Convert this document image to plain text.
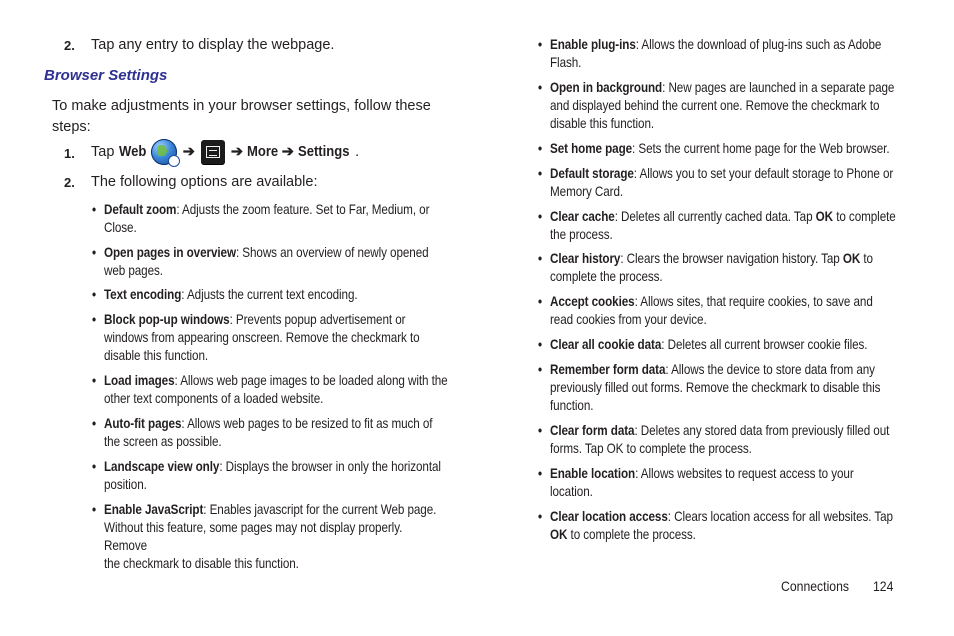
2. Tap any entry to display the webpage.
Browser Settings
To make adjustments in your browser settings, follow these
steps:
1. Tap Web ➔ ➔ More ➔ Settings .
2. The following options are available:
• Default zoom: Adjusts the zoom feature. Set to Far, Medium, or
Close.
• Open pages in overview: Shows an overview of newly opened
web pages.
• Text encoding: Adjusts the current text encoding.
• Block pop-up windows: Prevents popup advertisement or
windows from appearing onscreen. Remove the checkmark to
disable this function.
• Load images: Allows web page images to be loaded along with the
other text components of a loaded website.
• Auto-fit pages: Allows web pages to be resized to fit as much of
the screen as possible.
• Landscape view only: Displays the browser in only the horizontal
position.
• Enable JavaScript: Enables javascript for the current Web page.
Without this feature, some pages may not display properly. Remove
the checkmark to disable this function.
• Enable plug-ins: Allows the download of plug-ins such as Adobe
Flash.
• Open in background: New pages are launched in a separate page
and displayed behind the current one. Remove the checkmark to
disable this function.
• Set home page: Sets the current home page for the Web browser.
• Default storage: Allows you to set your default storage to Phone or
Memory Card.
• Clear cache: Deletes all currently cached data. Tap OK to complete
the process.
• Clear history: Clears the browser navigation history. Tap OK to
complete the process.
• Accept cookies: Allows sites, that require cookies, to save and
read cookies from your device.
• Clear all cookie data: Deletes all current browser cookie files.
• Remember form data: Allows the device to store data from any
previously filled out forms. Remove the checkmark to disable this
function.
• Clear form data: Deletes any stored data from previously filled out
forms. Tap OK to complete the process.
• Enable location: Allows websites to request access to your
location.
• Clear location access: Clears location access for all websites. Tap
OK to complete the process.
Connections 124
